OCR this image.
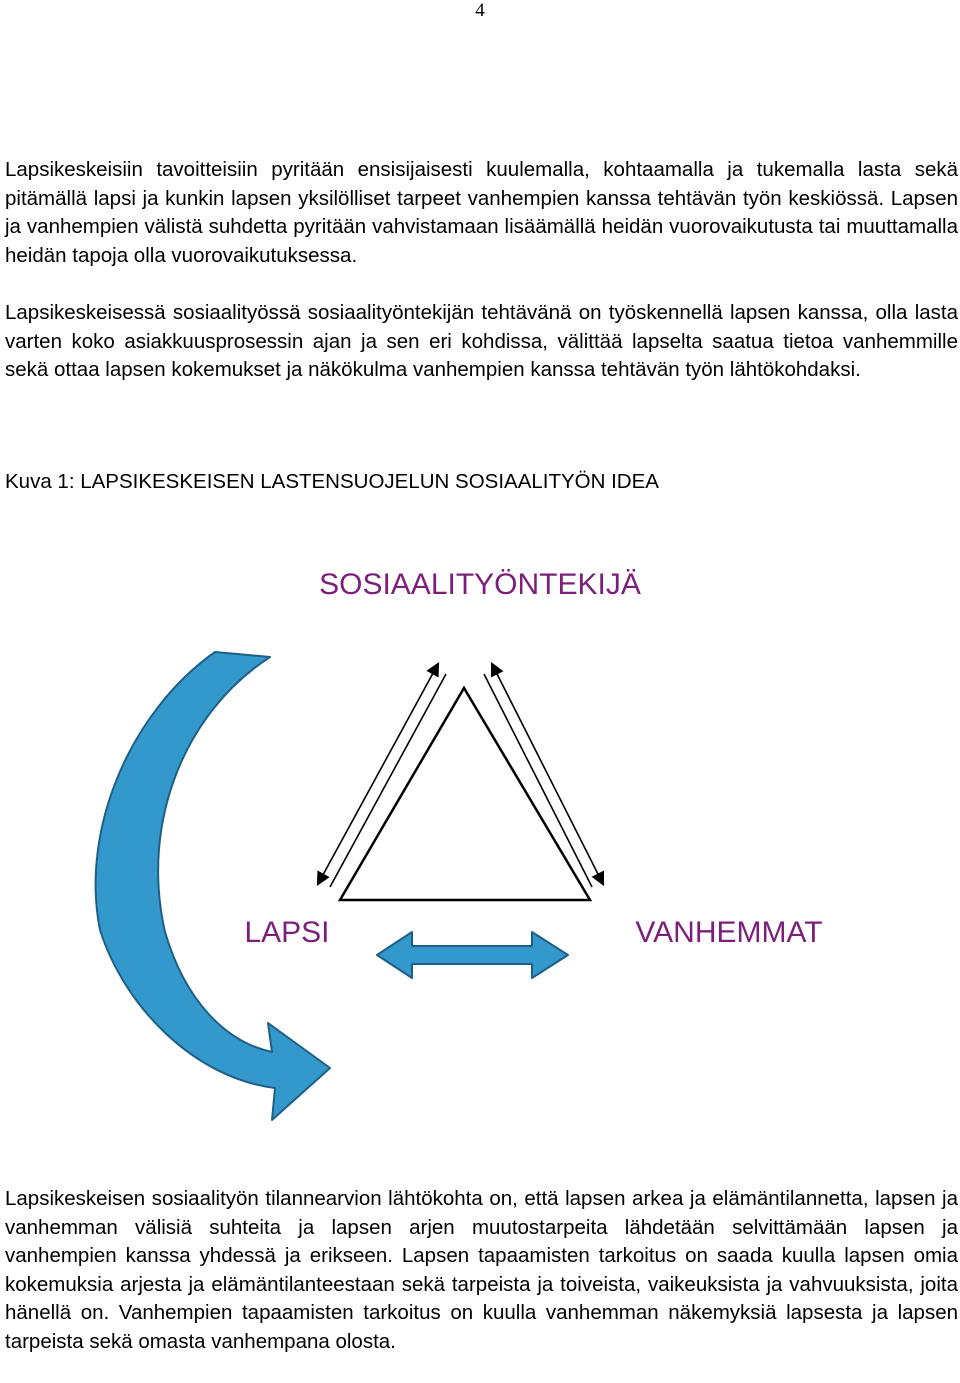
4

Lapsikeskeisiin tavoitteisiin pyritään ensisijaisesti kuulemalla, kohtaamalla ja tukemalla lasta sekä pitämällä lapsi ja kunkin lapsen yksilölliset tarpeet vanhempien kanssa tehtävän työn keskiössä. Lapsen ja vanhempien välistä suhdetta pyritään vahvistamaan lisäämällä heidän vuorovaikutusta tai muuttamalla heidän tapoja olla vuorovaikutuksessa.

Lapsikeskeisessä sosiaalityössä sosiaalityöntekijän tehtävänä on työskennellä lapsen kanssa, olla lasta varten koko asiakkuusprosessin ajan ja sen eri kohdissa, välittää lapselta saatua tietoa vanhemmille sekä ottaa lapsen kokemukset ja näkökulma vanhempien kanssa tehtävän työn lähtökohdaksi.

Kuva 1: LAPSIKESKEISEN LASTENSUOJELUN SOSIAALITYÖN IDEA
SOSIAALITYÖNTEKIJÄ
LAPSI	VANHEMMAT

Lapsikeskeisen sosiaalityön tilannearvion lähtökohta on, että lapsen arkea ja elämäntilannetta, lapsen ja vanhemman välisiä suhteita ja lapsen arjen muutostarpeita lähdetään selvittämään lapsen ja vanhempien kanssa yhdessä ja erikseen. Lapsen tapaamisten tarkoitus on saada kuulla lapsen omia kokemuksia arjesta ja elämäntilanteestaan sekä tarpeista ja toiveista, vaikeuksista ja vahvuuksista, joita hänellä on. Vanhempien tapaamisten tarkoitus on kuulla vanhemman näkemyksiä lapsesta ja lapsen tarpeista sekä omasta vanhempana olosta.
